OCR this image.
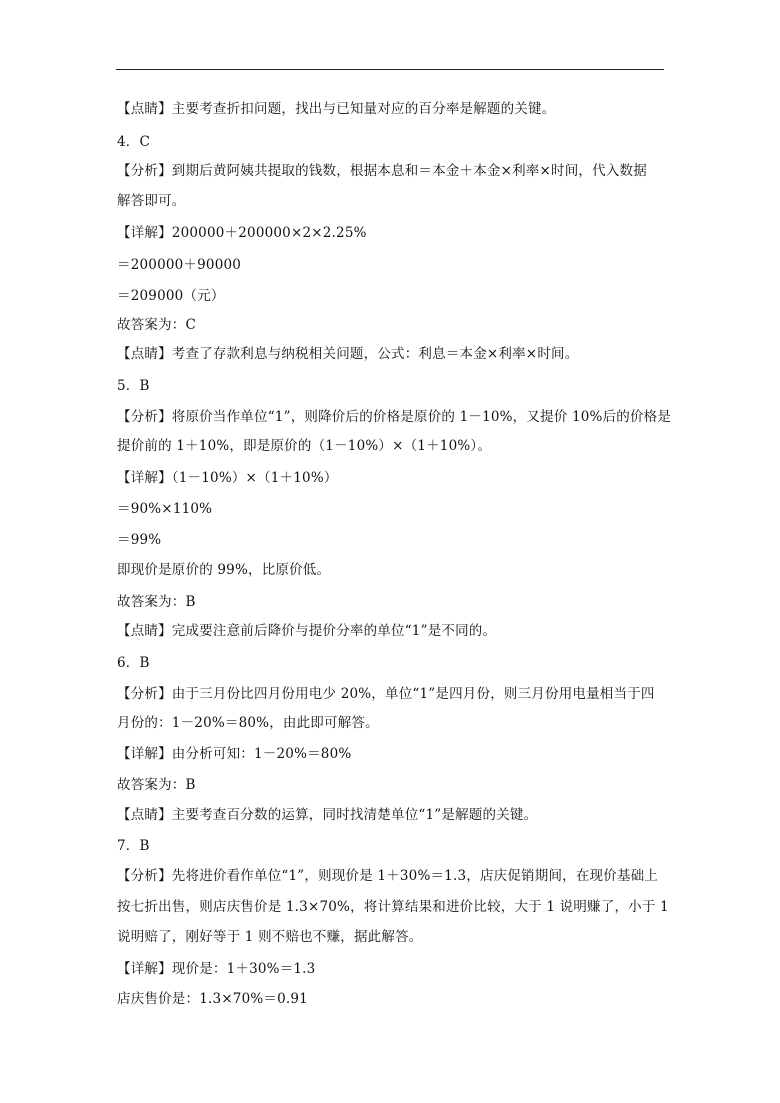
【点睛】主要考查折扣问题，找出与已知量对应的百分率是解题的关键。
4．C
【分析】到期后黄阿姨共提取的钱数，根据本息和＝本金＋本金×利率×时间，代入数据
解答即可。
【详解】200000＋200000×2×2.25%
＝200000＋90000
＝209000（元）
故答案为：C
【点睛】考查了存款利息与纳税相关问题，公式：利息＝本金×利率×时间。
5．B
【分析】将原价当作单位“1”，则降价后的价格是原价的 1－10%，又提价 10%后的价格是
提价前的 1＋10%，即是原价的（1－10%）×（1＋10%）。
【详解】（1－10%）×（1＋10%）
＝90%×110%
＝99%
即现价是原价的 99%，比原价低。
故答案为：B
【点睛】完成要注意前后降价与提价分率的单位“1”是不同的。
6．B
【分析】由于三月份比四月份用电少 20%，单位“1”是四月份，则三月份用电量相当于四
月份的：1－20%＝80%，由此即可解答。
【详解】由分析可知：1－20%＝80%
故答案为：B
【点睛】主要考查百分数的运算，同时找清楚单位“1”是解题的关键。
7．B
【分析】先将进价看作单位“1”，则现价是 1＋30%＝1.3，店庆促销期间，在现价基础上
按七折出售，则店庆售价是 1.3×70%，将计算结果和进价比较，大于 1 说明赚了，小于 1
说明赔了，刚好等于 1 则不赔也不赚，据此解答。
【详解】现价是：1＋30%＝1.3
店庆售价是：1.3×70%＝0.91
